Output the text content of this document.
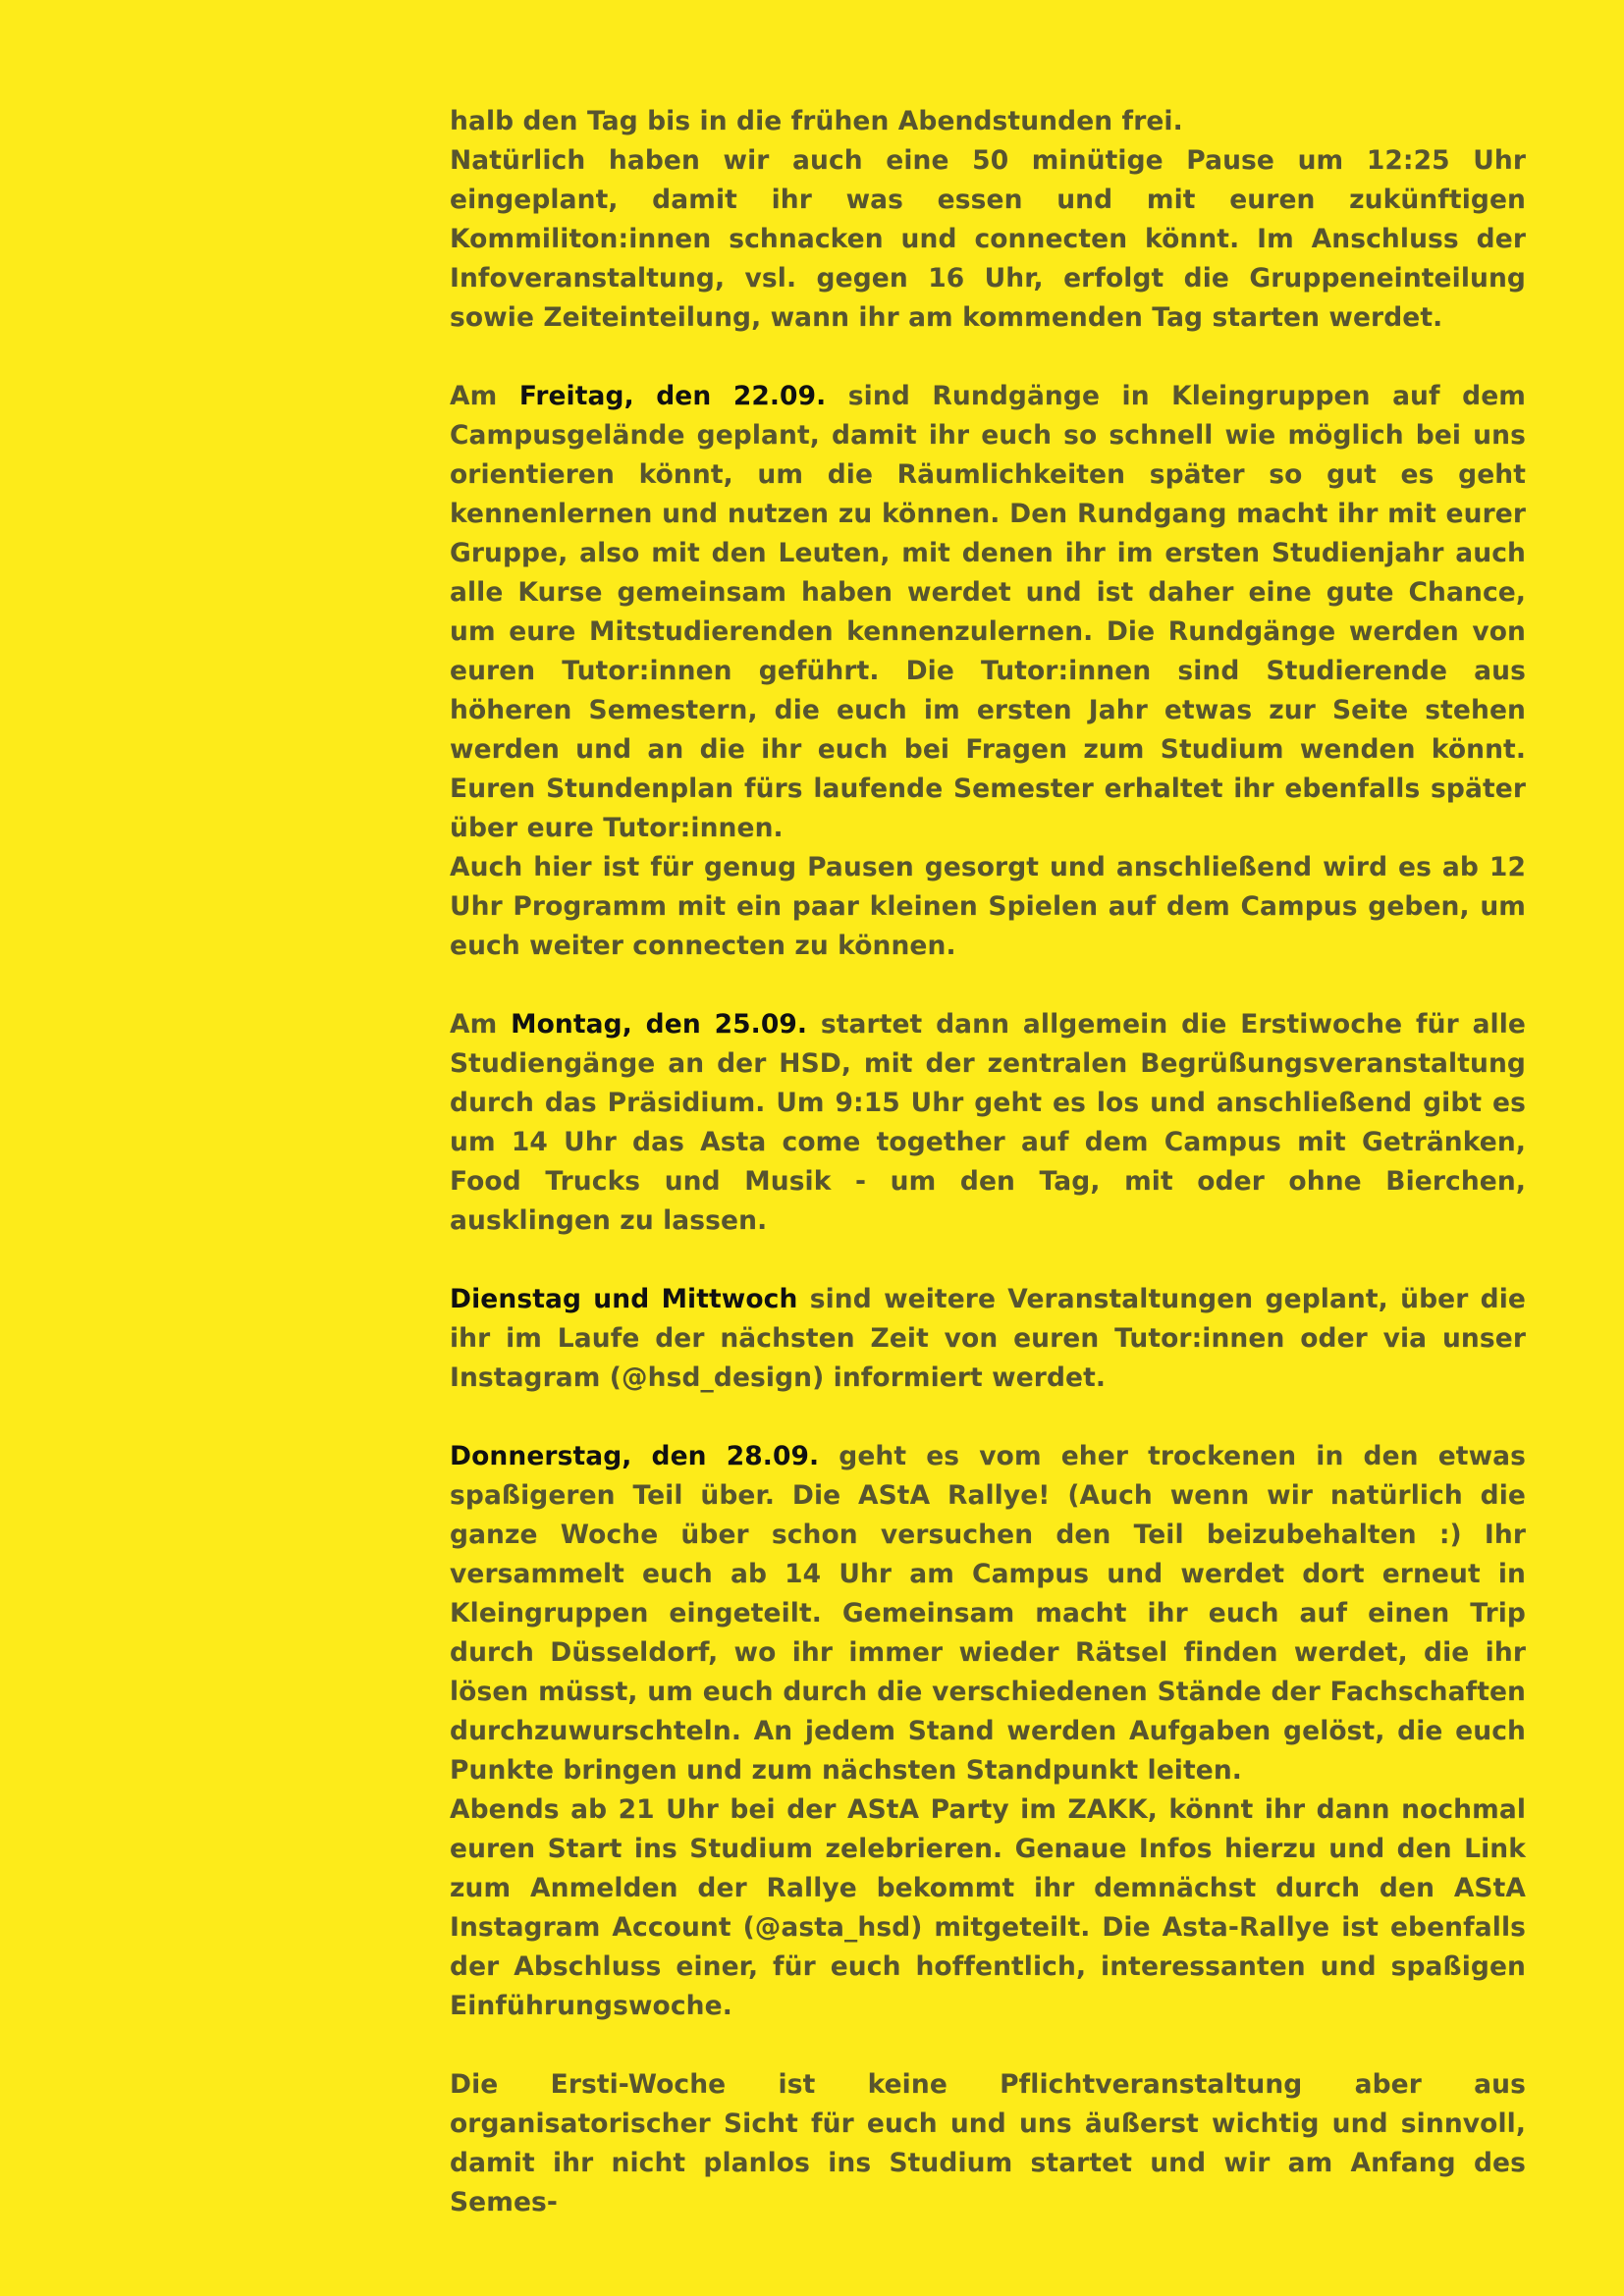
halb den Tag bis in die frühen Abendstunden frei.

Natürlich haben wir auch eine 50 minütige Pause um 12:25 Uhr eingeplant, damit ihr was essen und mit euren zukünftigen Kommiliton:innen schnacken und connecten könnt. Im Anschluss der Infoveranstaltung, vsl. gegen 16 Uhr, erfolgt die Gruppeneinteilung sowie Zeiteinteilung, wann ihr am kommenden Tag starten werdet.

Am Freitag, den 22.09. sind Rundgänge in Kleingruppen auf dem Campusgelände geplant, damit ihr euch so schnell wie möglich bei uns orientieren könnt, um die Räumlichkeiten später so gut es geht kennenlernen und nutzen zu können. Den Rundgang macht ihr mit eurer Gruppe, also mit den Leuten, mit denen ihr im ersten Studienjahr auch alle Kurse gemeinsam haben werdet und ist daher eine gute Chance, um eure Mitstudierenden kennenzulernen. Die Rundgänge werden von euren Tutor:innen geführt. Die Tutor:innen sind Studierende aus höheren Semestern, die euch im ersten Jahr etwas zur Seite stehen werden und an die ihr euch bei Fragen zum Studium wenden könnt. Euren Stundenplan fürs laufende Semester erhaltet ihr ebenfalls später über eure Tutor:innen.

Auch hier ist für genug Pausen gesorgt und anschließend wird es ab 12 Uhr Programm mit ein paar kleinen Spielen auf dem Campus geben, um euch weiter connecten zu können.

Am Montag, den 25.09. startet dann allgemein die Erstiwoche für alle Studiengänge an der HSD, mit der zentralen Begrüßungsveranstaltung durch das Präsidium. Um 9:15 Uhr geht es los und anschließend gibt es um 14 Uhr das Asta come together auf dem Campus mit Getränken, Food Trucks und Musik - um den Tag, mit oder ohne Bierchen, ausklingen zu lassen.

Dienstag und Mittwoch sind weitere Veranstaltungen geplant, über die ihr im Laufe der nächsten Zeit von euren Tutor:innen oder via unser Instagram (@hsd_design) informiert werdet.

Donnerstag, den 28.09. geht es vom eher trockenen in den etwas spaßigeren Teil über. Die AStA Rallye! (Auch wenn wir natürlich die ganze Woche über schon versuchen den Teil beizubehalten :) Ihr versammelt euch ab 14 Uhr am Campus und werdet dort erneut in Kleingruppen eingeteilt. Gemeinsam macht ihr euch auf einen Trip durch Düsseldorf, wo ihr immer wieder Rätsel finden werdet, die ihr lösen müsst, um euch durch die verschiedenen Stände der Fachschaften durchzuwurschteln. An jedem Stand werden Aufgaben gelöst, die euch Punkte bringen und zum nächsten Standpunkt leiten.

Abends ab 21 Uhr bei der AStA Party im ZAKK, könnt ihr dann nochmal euren Start ins Studium zelebrieren. Genaue Infos hierzu und den Link zum Anmelden der Rallye bekommt ihr demnächst durch den AStA Instagram Account (@asta_hsd) mitgeteilt. Die Asta-Rallye ist ebenfalls der Abschluss einer, für euch hoffentlich, interessanten und spaßigen Einführungswoche.

Die Ersti-Woche ist keine Pflichtveranstaltung aber aus organisatorischer Sicht für euch und uns äußerst wichtig und sinnvoll, damit ihr nicht planlos ins Studium startet und wir am Anfang des Semes-
